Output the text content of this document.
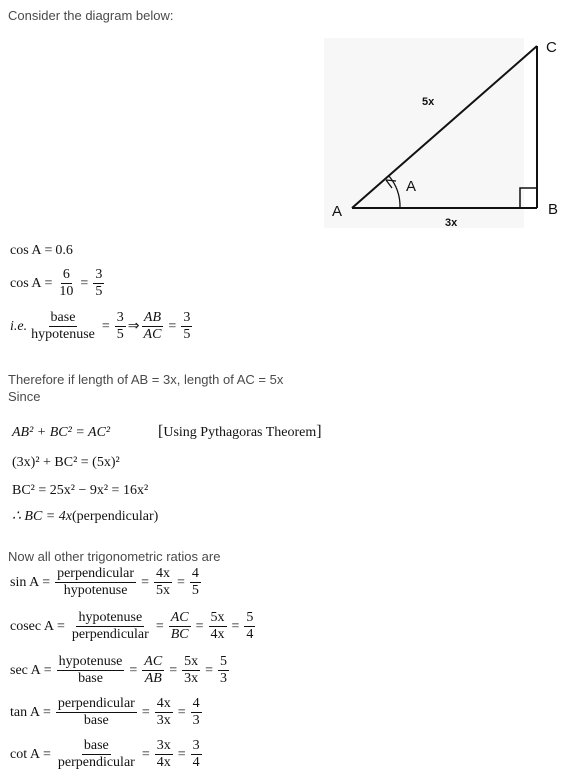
Consider the diagram below:
A	B
C
A
5x
3x
cos A = 0.6
$\cos A = \frac{6}{10} = \frac{3}{5}$
i.e. $\frac{\text{base}}{\text{hypotenuse}} = \frac{3}{5}$ ⇒ $\frac{AB}{AC} = \frac{3}{5}$
Therefore if length of AB = 3x, length of AC = 5x
Since
AB² + BC² = AC²	[Using Pythagoras Theorem]
(3x)² + BC² = (5x)²
BC² = 25x² − 9x² = 16x²
∴ BC = 4x(perpendicular)
Now all other trigonometric ratios are
$\sin A = \frac{\text{perpendicular}}{\text{hypotenuse}} = \frac{4x}{5x} = \frac{4}{5}$
cosec $A = \frac{\text{hypotenuse}}{\text{perpendicular}} = \frac{AC}{BC} = \frac{5x}{4x} = \frac{5}{4}$
$\sec A = \frac{\text{hypotenuse}}{\text{base}} = \frac{AC}{AB} = \frac{5x}{3x} = \frac{5}{3}$
$\tan A = \frac{\text{perpendicular}}{\text{base}} = \frac{4x}{3x} = \frac{4}{3}$
$\cot A = \frac{\text{base}}{\text{perpendicular}} = \frac{3x}{4x} = \frac{3}{4}$
